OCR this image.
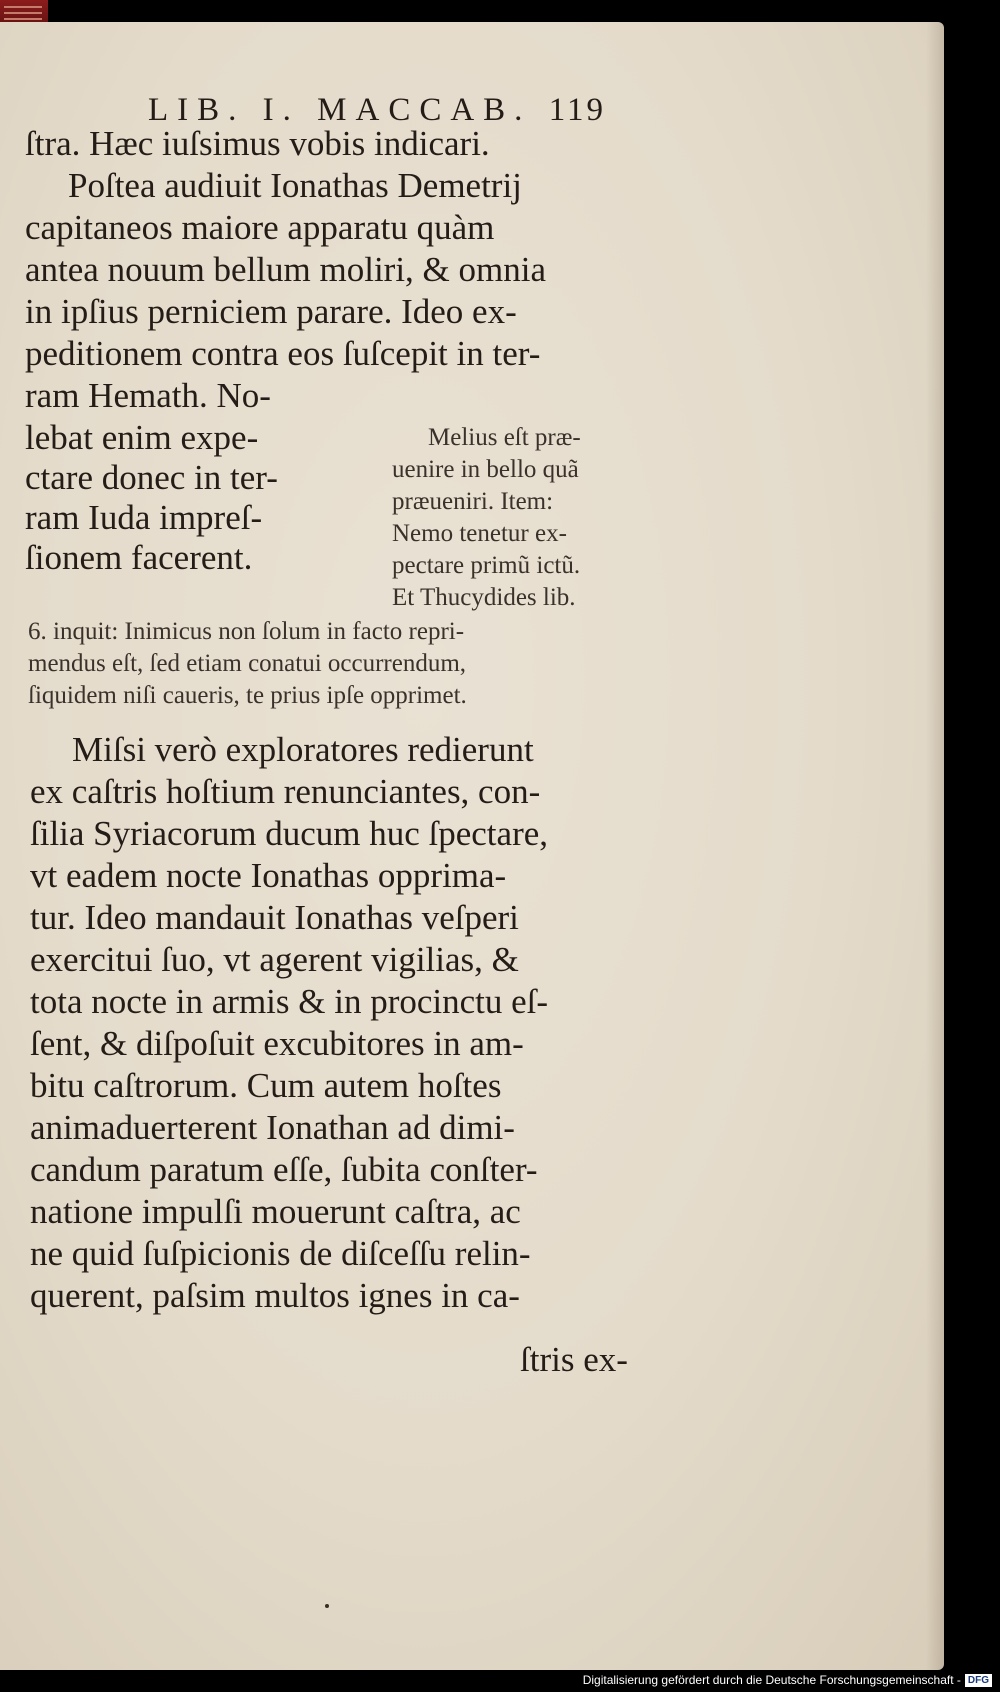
LIB. I. MACCAB. 119
ſtra. Hæc iuſsimus vobis indicari.
Poſtea audiuit Ionathas Demetrij
capitaneos maiore apparatu quàm
antea nouum bellum moliri, & omnia
in ipſius perniciem parare. Ideo ex-
peditionem contra eos ſuſcepit in ter-
ram Hemath. No-
lebat enim expe-
ctare donec in ter-
ram Iuda impreſ-
ſionem facerent.
Melius eſt præ-
uenire in bello quã
præueniri. Item:
Nemo tenetur ex-
pectare primũ ictũ.
Et Thucydides lib.
6. inquit: Inimicus non ſolum in facto repri-
mendus eſt, ſed etiam conatui occurrendum,
ſiquidem niſi caueris, te prius ipſe opprimet.
Miſsi verò exploratores redierunt
ex caſtris hoſtium renunciantes, con-
ſilia Syriacorum ducum huc ſpectare,
vt eadem nocte Ionathas opprima-
tur. Ideo mandauit Ionathas veſperi
exercitui ſuo, vt agerent vigilias, &
tota nocte in armis & in procinctu eſ-
ſent, & diſpoſuit excubitores in am-
bitu caſtrorum. Cum autem hoſtes
animaduerterent Ionathan ad dimi-
candum paratum eſſe, ſubita conſter-
natione impulſi mouerunt caſtra, ac
ne quid ſuſpicionis de diſceſſu relin-
querent, paſsim multos ignes in ca-
ſtris ex-
Digitalisierung gefördert durch die Deutsche Forschungsgemeinschaft - DFG
